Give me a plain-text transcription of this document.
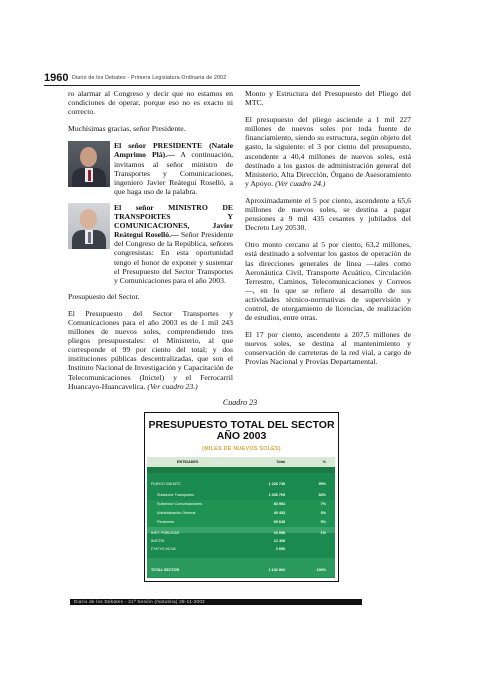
1960 Diario de los Debates - Primera Legislatura Ordinaria de 2002

ro alarmar al Congreso y decir que no estamos en condiciones de operar, porque eso no es exacto ni correcto.

Muchísimas gracias, señor Presidente.

El señor PRESIDENTE (Natale Amprimo Plá).— A continuación, invitamos al señor ministro de Transportes y Comunicaciones, ingeniero Javier Reátegui Roselló, a que haga uso de la palabra.
El señor MINISTRO DE TRANSPORTES Y COMUNICACIONES, Javier Reátegui Roselló.— Señor Presidente del Congreso de la República, señores congresistas: En esta oportunidad tengo el honor de exponer y sustentar el Presupuesto del Sector Transportes y Comunicaciones para el año 2003.

Presupuesto del Sector.

El Presupuesto del Sector Transportes y Comunicaciones para el año 2003 es de 1 mil 243 millones de nuevos soles, comprendiendo tres pliegos presupuestales: el Ministerio, al que corresponde el 99 por ciento del total; y dos instituciones públicas descentralizadas, que son el Instituto Nacional de Investigación y Capacitación de Telecomunicaciones (Inictel) y el Ferrocarril Huancayo-Huancavelica. (Ver cuadro 23.)

Monto y Estructura del Presupuesto del Pliego del MTC.

El presupuesto del pliego asciende a 1 mil 227 millones de nuevos soles por toda fuente de financiamiento, siendo su estructura, según objeto del gasto, la siguiente: el 3 por ciento del presupuesto, ascendente a 40,4 millones de nuevos soles, está destinado a los gastos de administración general del Ministerio, Alta Dirección, Órgano de Asesoramiento y Apoyo. (Ver cuadro 24.)

Aproximadamente el 5 por ciento, ascendente a 65,6 millones de nuevos soles, se destina a pagar pensiones a 9 mil 435 cesantes y jubilados del Decreto Ley 20530.

Otro monto cercano al 5 por ciento, 63,2 millones, está destinado a solventar los gastos de operación de las direcciones generales de línea —tales como Aeronáutica Civil, Transporte Acuático, Circulación Terrestre, Caminos, Telecomunicaciones y Correos—, en lo que se refiere al desarrollo de sus actividades técnico-normativas de supervisión y control, de otorgamiento de licencias, de realización de estudios, entre otras.

El 17 por ciento, ascendente a 207,5 millones de nuevos soles, se destina al mantenimiento y conservación de carreteras de la red vial, a cargo de Provías Nacional y Provías Departamental.

Cuadro 23
PRESUPUESTO TOTAL DEL SECTOR
AÑO 2003
(MILES DE NUEVOS SOLES)
ENTIDADES	Total	%
PLIEGO 036 MTC	1 226 745	99%
Subsector Transportes	1 036 709	84%
Subsector Comunicaciones	83 954	7%
Administración General	40 433	3%
Pensiones	65 649	5%
INST. PÚBLICAS	16 058	1%
INICTEL	12 408
F.HCYO-HCVA	3 650
TOTAL SECTOR	1 242 803	100%
Diario de los Debates - 21ª Sesión (matutina) 28-11-2002
